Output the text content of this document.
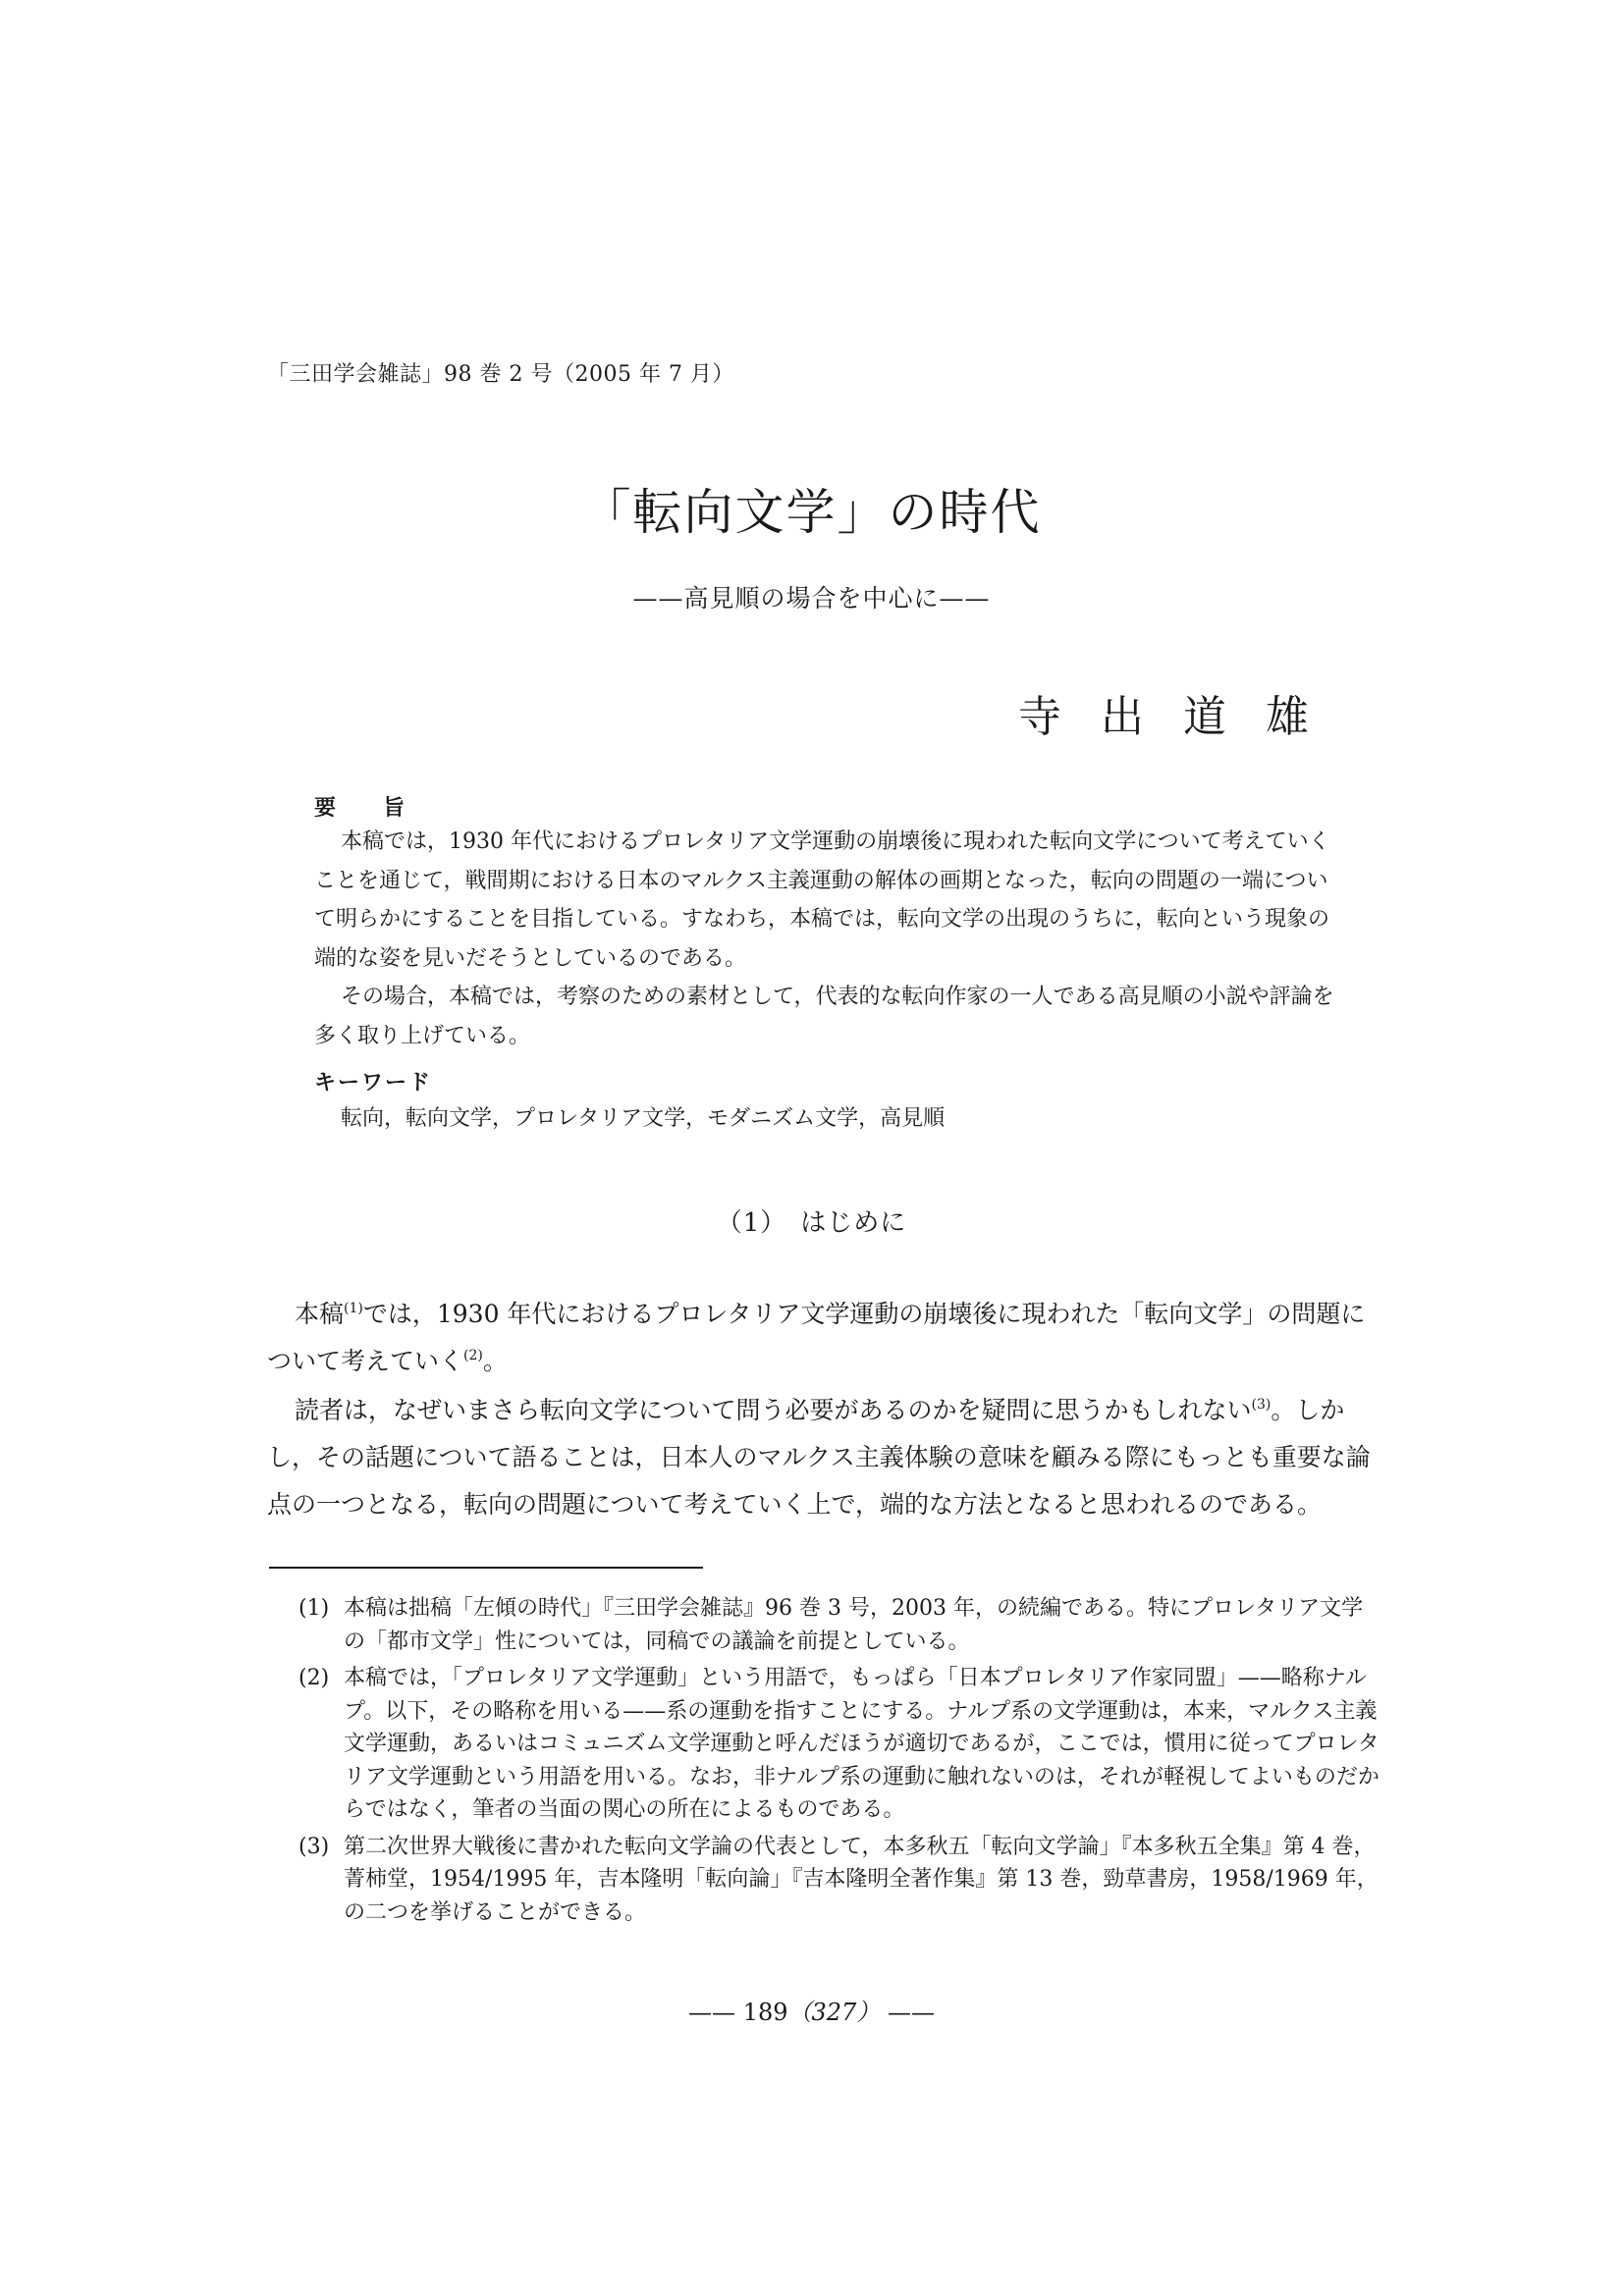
「三田学会雑誌」98 巻 2 号（2005 年 7 月）
「転向文学」の時代
——高見順の場合を中心に——
寺出道雄
要旨

本稿では，1930 年代におけるプロレタリア文学運動の崩壊後に現われた転向文学について考えていくことを通じて，戦間期における日本のマルクス主義運動の解体の画期となった，転向の問題の一端について明らかにすることを目指している。すなわち，本稿では，転向文学の出現のうちに，転向という現象の端的な姿を見いだそうとしているのである。

その場合，本稿では，考察のための素材として，代表的な転向作家の一人である高見順の小説や評論を多く取り上げている。

キーワード
転向，転向文学，プロレタリア文学，モダニズム文学，高見順
（1）　はじめに

本稿$^{(1)}$では，1930 年代におけるプロレタリア文学運動の崩壊後に現われた「転向文学」の問題について考えていく$^{(2)}$。

読者は，なぜいまさら転向文学について問う必要があるのかを疑問に思うかもしれない$^{(3)}$。しかし，その話題について語ることは，日本人のマルクス主義体験の意味を顧みる際にもっとも重要な論点の一つとなる，転向の問題について考えていく上で，端的な方法となると思われるのである。

(1) 本稿は拙稿「左傾の時代」『三田学会雑誌』96 巻 3 号，2003 年，の続編である。特にプロレタリア文学の「都市文学」性については，同稿での議論を前提としている。
(2) 本稿では，「プロレタリア文学運動」という用語で，もっぱら「日本プロレタリア作家同盟」——略称ナルプ。以下，その略称を用いる——系の運動を指すことにする。ナルプ系の文学運動は，本来，マルクス主義文学運動，あるいはコミュニズム文学運動と呼んだほうが適切であるが，ここでは，慣用に従ってプロレタリア文学運動という用語を用いる。なお，非ナルプ系の運動に触れないのは，それが軽視してよいものだからではなく，筆者の当面の関心の所在によるものである。
(3) 第二次世界大戦後に書かれた転向文学論の代表として，本多秋五「転向文学論」『本多秋五全集』第 4 巻，菁柿堂，1954/1995 年，吉本隆明「転向論」『吉本隆明全著作集』第 13 巻，勁草書房，1958/1969 年，の二つを挙げることができる。
—— 189（327） ——
